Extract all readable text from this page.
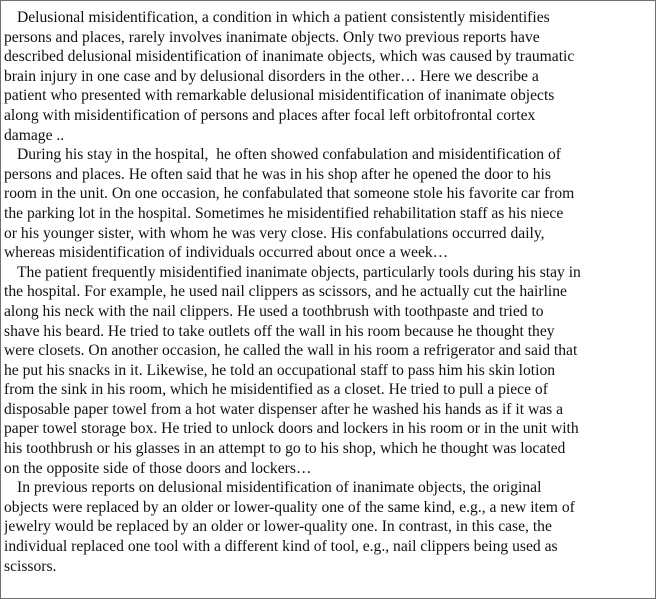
Delusional misidentification, a condition in which a patient consistently misidentifies
persons and places, rarely involves inanimate objects. Only two previous reports have
described delusional misidentification of inanimate objects, which was caused by traumatic
brain injury in one case and by delusional disorders in the other… Here we describe a
patient who presented with remarkable delusional misidentification of inanimate objects
along with misidentification of persons and places after focal left orbitofrontal cortex
damage ..
During his stay in the hospital,  he often showed confabulation and misidentification of
persons and places. He often said that he was in his shop after he opened the door to his
room in the unit. On one occasion, he confabulated that someone stole his favorite car from
the parking lot in the hospital. Sometimes he misidentified rehabilitation staff as his niece
or his younger sister, with whom he was very close. His confabulations occurred daily,
whereas misidentification of individuals occurred about once a week…
The patient frequently misidentified inanimate objects, particularly tools during his stay in
the hospital. For example, he used nail clippers as scissors, and he actually cut the hairline
along his neck with the nail clippers. He used a toothbrush with toothpaste and tried to
shave his beard. He tried to take outlets off the wall in his room because he thought they
were closets. On another occasion, he called the wall in his room a refrigerator and said that
he put his snacks in it. Likewise, he told an occupational staff to pass him his skin lotion
from the sink in his room, which he misidentified as a closet. He tried to pull a piece of
disposable paper towel from a hot water dispenser after he washed his hands as if it was a
paper towel storage box. He tried to unlock doors and lockers in his room or in the unit with
his toothbrush or his glasses in an attempt to go to his shop, which he thought was located
on the opposite side of those doors and lockers…
In previous reports on delusional misidentification of inanimate objects, the original
objects were replaced by an older or lower-quality one of the same kind, e.g., a new item of
jewelry would be replaced by an older or lower-quality one. In contrast, in this case, the
individual replaced one tool with a different kind of tool, e.g., nail clippers being used as
scissors.
